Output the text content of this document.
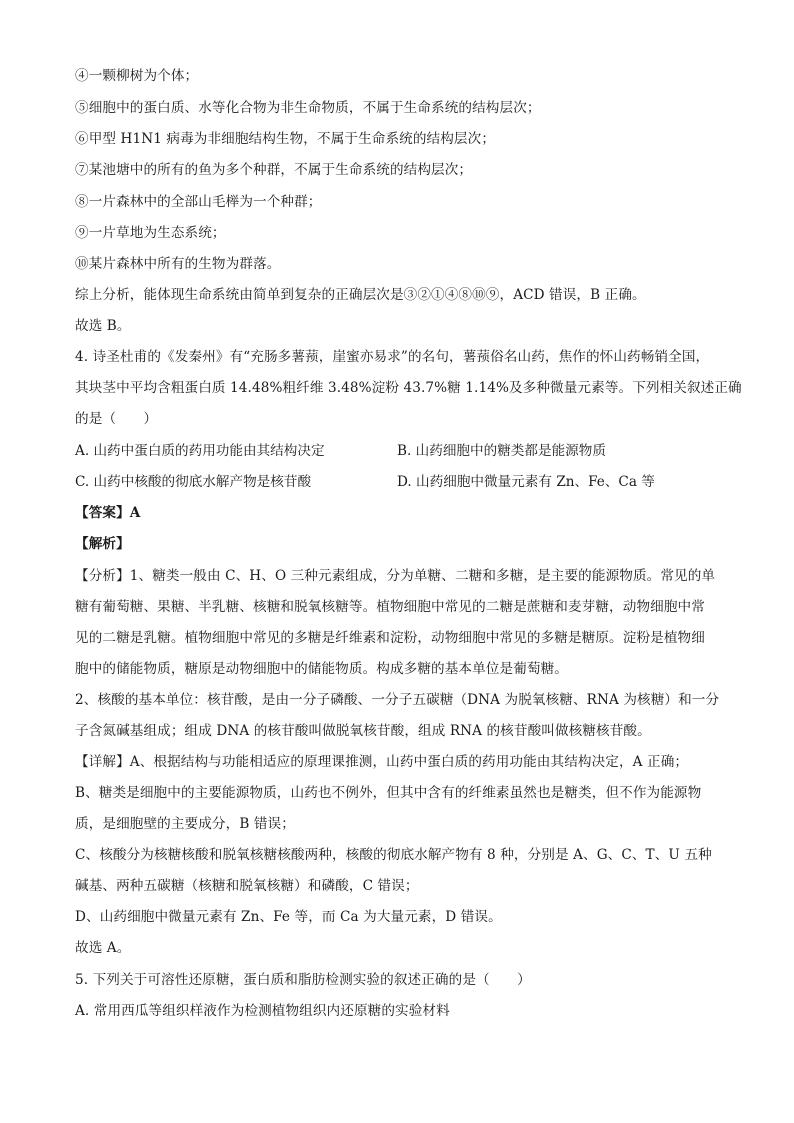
④一颗柳树为个体；
⑤细胞中的蛋白质、水等化合物为非生命物质，不属于生命系统的结构层次；
⑥甲型 H1N1 病毒为非细胞结构生物，不属于生命系统的结构层次；
⑦某池塘中的所有的鱼为多个种群，不属于生命系统的结构层次；
⑧一片森林中的全部山毛榉为一个种群；
⑨一片草地为生态系统；
⑩某片森林中所有的生物为群落。
综上分析，能体现生命系统由简单到复杂的正确层次是③②①④⑧⑩⑨，ACD 错误，B 正确。
故选 B。
4. 诗圣杜甫的《发秦州》有“充肠多薯蓣，崖蜜亦易求”的名句，薯蓣俗名山药，焦作的怀山药畅销全国，
其块茎中平均含粗蛋白质 14.48%粗纤维 3.48%淀粉 43.7%糖 1.14%及多种微量元素等。下列相关叙述正确
的是（　　）
A. 山药中蛋白质的药用功能由其结构决定	B. 山药细胞中的糖类都是能源物质
C. 山药中核酸的彻底水解产物是核苷酸	D. 山药细胞中微量元素有 Zn、Fe、Ca 等
【答案】A
【解析】
【分析】1、糖类一般由 C、H、O 三种元素组成，分为单糖、二糖和多糖，是主要的能源物质。常见的单
糖有葡萄糖、果糖、半乳糖、核糖和脱氧核糖等。植物细胞中常见的二糖是蔗糖和麦芽糖，动物细胞中常
见的二糖是乳糖。植物细胞中常见的多糖是纤维素和淀粉，动物细胞中常见的多糖是糖原。淀粉是植物细
胞中的储能物质，糖原是动物细胞中的储能物质。构成多糖的基本单位是葡萄糖。
2、核酸的基本单位：核苷酸，是由一分子磷酸、一分子五碳糖（DNA 为脱氧核糖、RNA 为核糖）和一分
子含氮碱基组成；组成 DNA 的核苷酸叫做脱氧核苷酸，组成 RNA 的核苷酸叫做核糖核苷酸。
【详解】A、根据结构与功能相适应的原理课推测，山药中蛋白质的药用功能由其结构决定，A 正确；
B、糖类是细胞中的主要能源物质，山药也不例外，但其中含有的纤维素虽然也是糖类，但不作为能源物
质，是细胞壁的主要成分，B 错误；
C、核酸分为核糖核酸和脱氧核糖核酸两种，核酸的彻底水解产物有 8 种，分别是 A、G、C、T、U 五种
碱基、两种五碳糖（核糖和脱氧核糖）和磷酸，C 错误；
D、山药细胞中微量元素有 Zn、Fe 等，而 Ca 为大量元素，D 错误。
故选 A。
5. 下列关于可溶性还原糖，蛋白质和脂肪检测实验的叙述正确的是（　　）
A. 常用西瓜等组织样液作为检测植物组织内还原糖的实验材料
